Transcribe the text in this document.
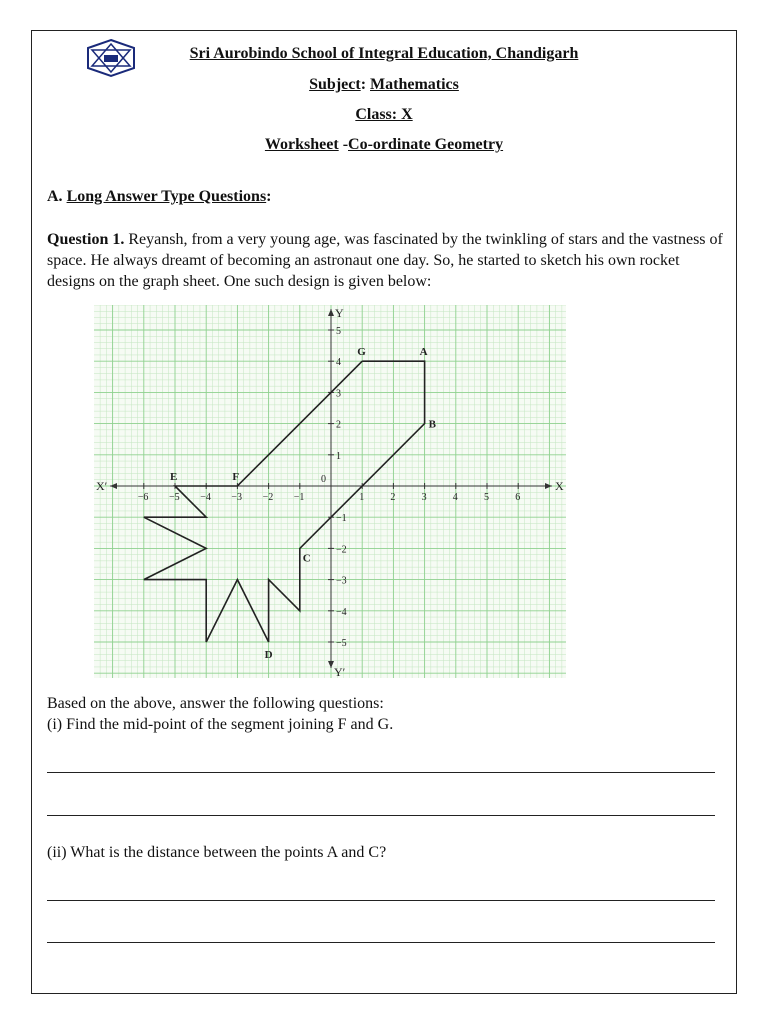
Sri Aurobindo School of Integral Education, Chandigarh
Subject: Mathematics
Class: X
Worksheet -Co-ordinate Geometry
A. Long Answer Type Questions:
Question 1. Reyansh, from a very young age, was fascinated by the twinkling of stars and the vastness of space. He always dreamt of becoming an astronaut one day. So, he started to sketch his own rocket designs on the graph sheet. One such design is given below:
X
X′
Y
Y′
0
−6 −5 −4 −3 −2 −1	1	2	3	4	5	6
−5
−4
−3
−2
−1
1
2
3
4
5
A
G
B
E	F
C
D
Based on the above, answer the following questions:
(i) Find the mid-point of the segment joining F and G.
(ii) What is the distance between the points A and C?
